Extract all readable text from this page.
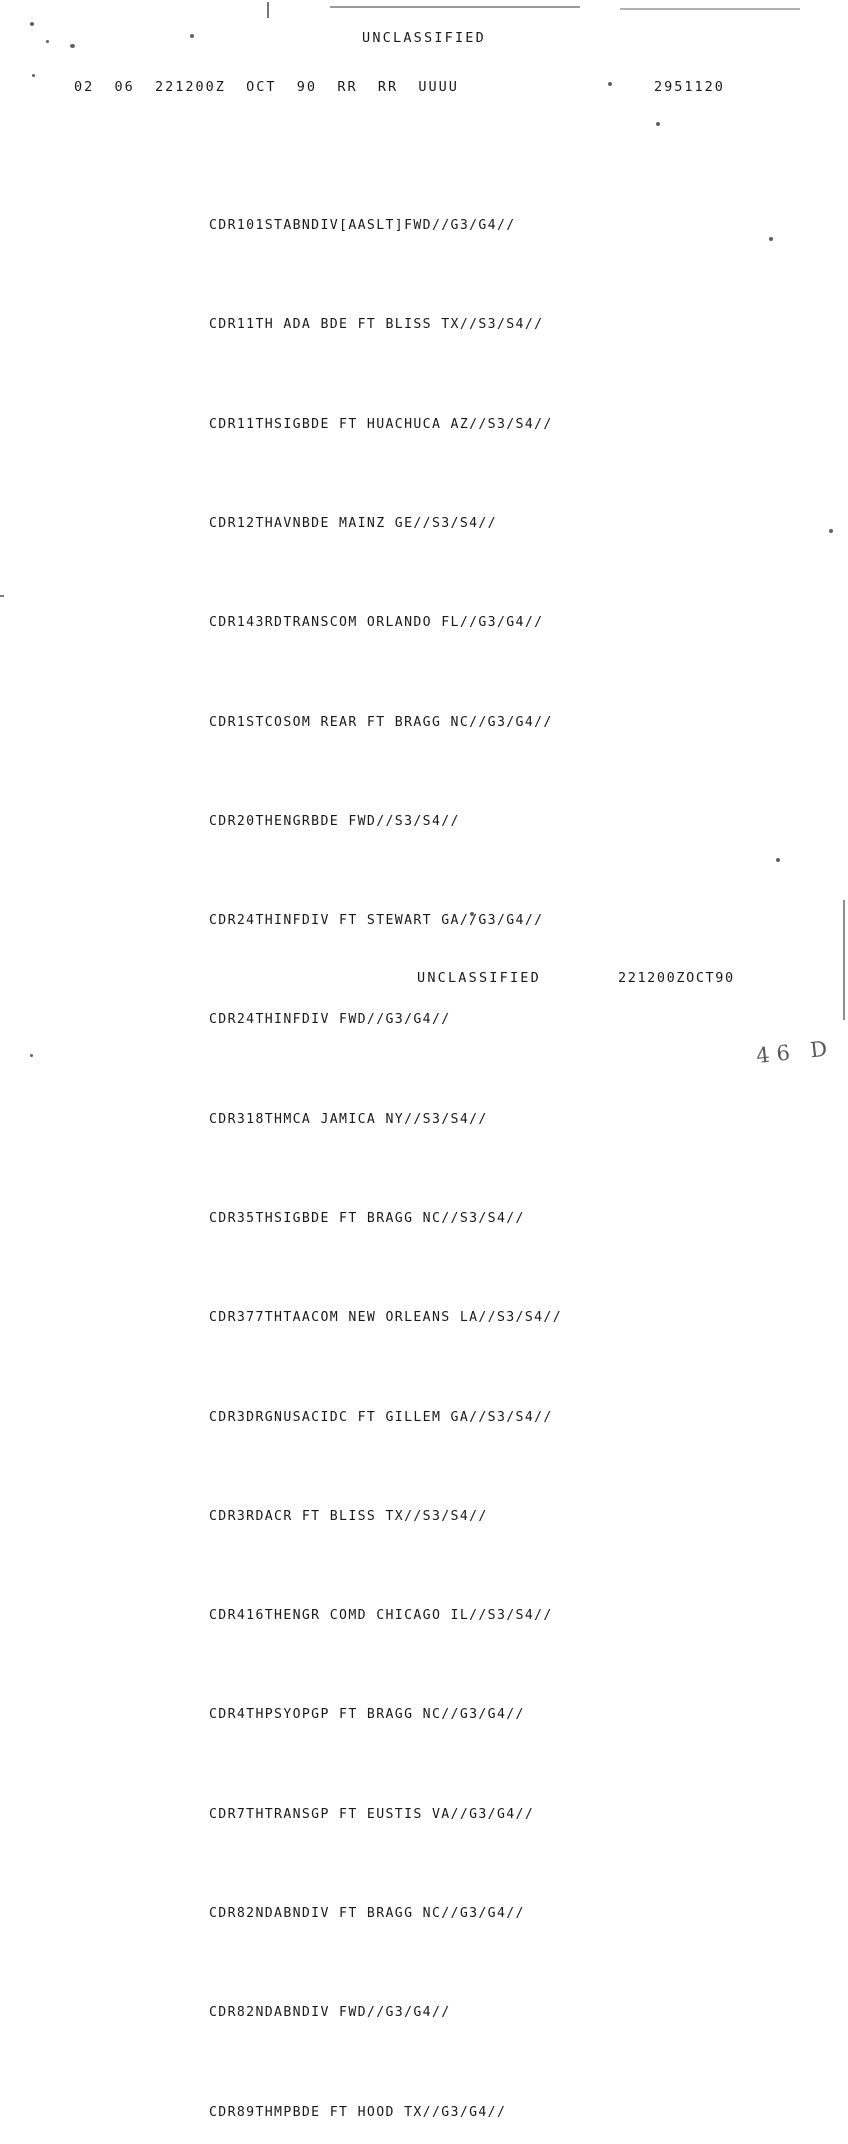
UNCLASSIFIED
02  06  221200Z  OCT  90  RR  RR  UUUU	2951120

CDR101STABNDIV[AASLT]FWD//G3/G4//

CDR11TH ADA BDE FT BLISS TX//S3/S4//

CDR11THSIGBDE FT HUACHUCA AZ//S3/S4//

CDR12THAVNBDE MAINZ GE//S3/S4//

CDR143RDTRANSCOM ORLANDO FL//G3/G4//

CDR1STCOSOM REAR FT BRAGG NC//G3/G4//

CDR20THENGRBDE FWD//S3/S4//

CDR24THINFDIV FT STEWART GA//G3/G4//

CDR24THINFDIV FWD//G3/G4//

CDR318THMCA JAMICA NY//S3/S4//

CDR35THSIGBDE FT BRAGG NC//S3/S4//

CDR377THTAACOM NEW ORLEANS LA//S3/S4//

CDR3DRGNUSACIDC FT GILLEM GA//S3/S4//

CDR3RDACR FT BLISS TX//S3/S4//

CDR416THENGR COMD CHICAGO IL//S3/S4//

CDR4THPSYOPGP FT BRAGG NC//G3/G4//

CDR7THTRANSGP FT EUSTIS VA//G3/G4//

CDR82NDABNDIV FT BRAGG NC//G3/G4//

CDR82NDABNDIV FWD//G3/G4//

CDR89THMPBDE FT HOOD TX//G3/G4//

UNCLASSIFIED	221200ZOCT90
46 D
